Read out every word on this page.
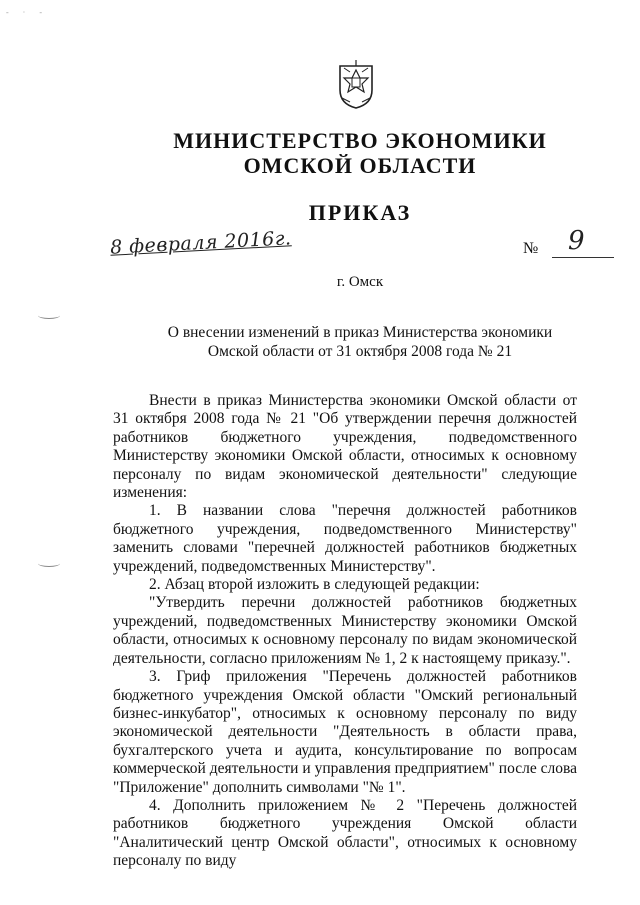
- · -
МИНИСТЕРСТВО ЭКОНОМИКИ
ОМСКОЙ ОБЛАСТИ
ПРИКАЗ
8 февраля 2016г.	№ 9
г. Омск
О внесении изменений в приказ Министерства экономики
Омской области от 31 октября 2008 года № 21

Внести в приказ Министерства экономики Омской области от 31 октября 2008 года № 21 "Об утверждении перечня должностей работников бюджетного учреждения, подведомственного Министерству экономики Омской области, относимых к основному персоналу по видам экономической деятельности" следующие изменения:

1. В названии слова "перечня должностей работников бюджетного учреждения, подведомственного Министерству" заменить словами "перечней должностей работников бюджетных учреждений, подведомственных Министерству".

2. Абзац второй изложить в следующей редакции:

"Утвердить перечни должностей работников бюджетных учреждений, подведомственных Министерству экономики Омской области, относимых к основному персоналу по видам экономической деятельности, согласно приложениям № 1, 2 к настоящему приказу.".

3. Гриф приложения "Перечень должностей работников бюджетного учреждения Омской области "Омский региональный бизнес-инкубатор", относимых к основному персоналу по виду экономической деятельности "Деятельность в области права, бухгалтерского учета и аудита, консультирование по вопросам коммерческой деятельности и управления предприятием" после слова "Приложение" дополнить символами "№ 1".

4. Дополнить приложением № 2 "Перечень должностей работников бюджетного учреждения Омской области "Аналитический центр Омской области", относимых к основному персоналу по виду
